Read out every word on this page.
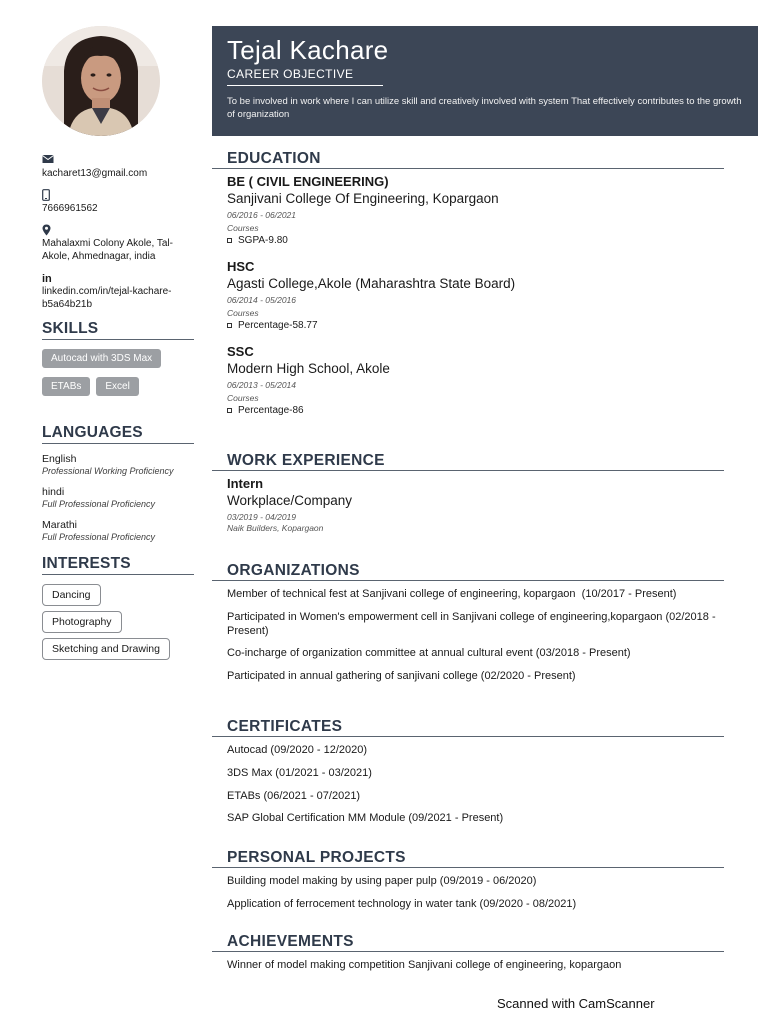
kacharet13@gmail.com
7666961562
Mahalaxmi Colony Akole, Tal- Akole, Ahmednagar, india
in
linkedin.com/in/tejal-kachare-b5a64b21b
SKILLS
Autocad with 3DS Max
ETABs	Excel
LANGUAGES
English
Professional Working Proficiency
hindi
Full Professional Proficiency
Marathi
Full Professional Proficiency
INTERESTS
Dancing
Photography
Sketching and Drawing
Tejal Kachare
CAREER OBJECTIVE
To be involved in work where I can utilize skill and creatively involved with system That effectively contributes to the growth of organization
EDUCATION
BE ( CIVIL ENGINEERING)
Sanjivani College Of Engineering, Kopargaon
06/2016 - 06/2021
Courses
SGPA-9.80
HSC
Agasti College,Akole (Maharashtra State Board)
06/2014 - 05/2016
Courses
Percentage-58.77
SSC
Modern High School, Akole
06/2013 - 05/2014
Courses
Percentage-86
WORK EXPERIENCE
Intern
Workplace/Company
03/2019 - 04/2019
Naik Builders, Kopargaon
ORGANIZATIONS
Member of technical fest at Sanjivani college of engineering, kopargaon  (10/2017 - Present)
Participated in Women's empowerment cell in Sanjivani college of engineering,kopargaon (02/2018 - Present)
Co-incharge of organization committee at annual cultural event (03/2018 - Present)
Participated in annual gathering of sanjivani college (02/2020 - Present)
CERTIFICATES
Autocad (09/2020 - 12/2020)
3DS Max (01/2021 - 03/2021)
ETABs (06/2021 - 07/2021)
SAP Global Certification MM Module (09/2021 - Present)
PERSONAL PROJECTS
Building model making by using paper pulp (09/2019 - 06/2020)
Application of ferrocement technology in water tank (09/2020 - 08/2021)
ACHIEVEMENTS
Winner of model making competition Sanjivani college of engineering, kopargaon
Scanned with CamScanner
